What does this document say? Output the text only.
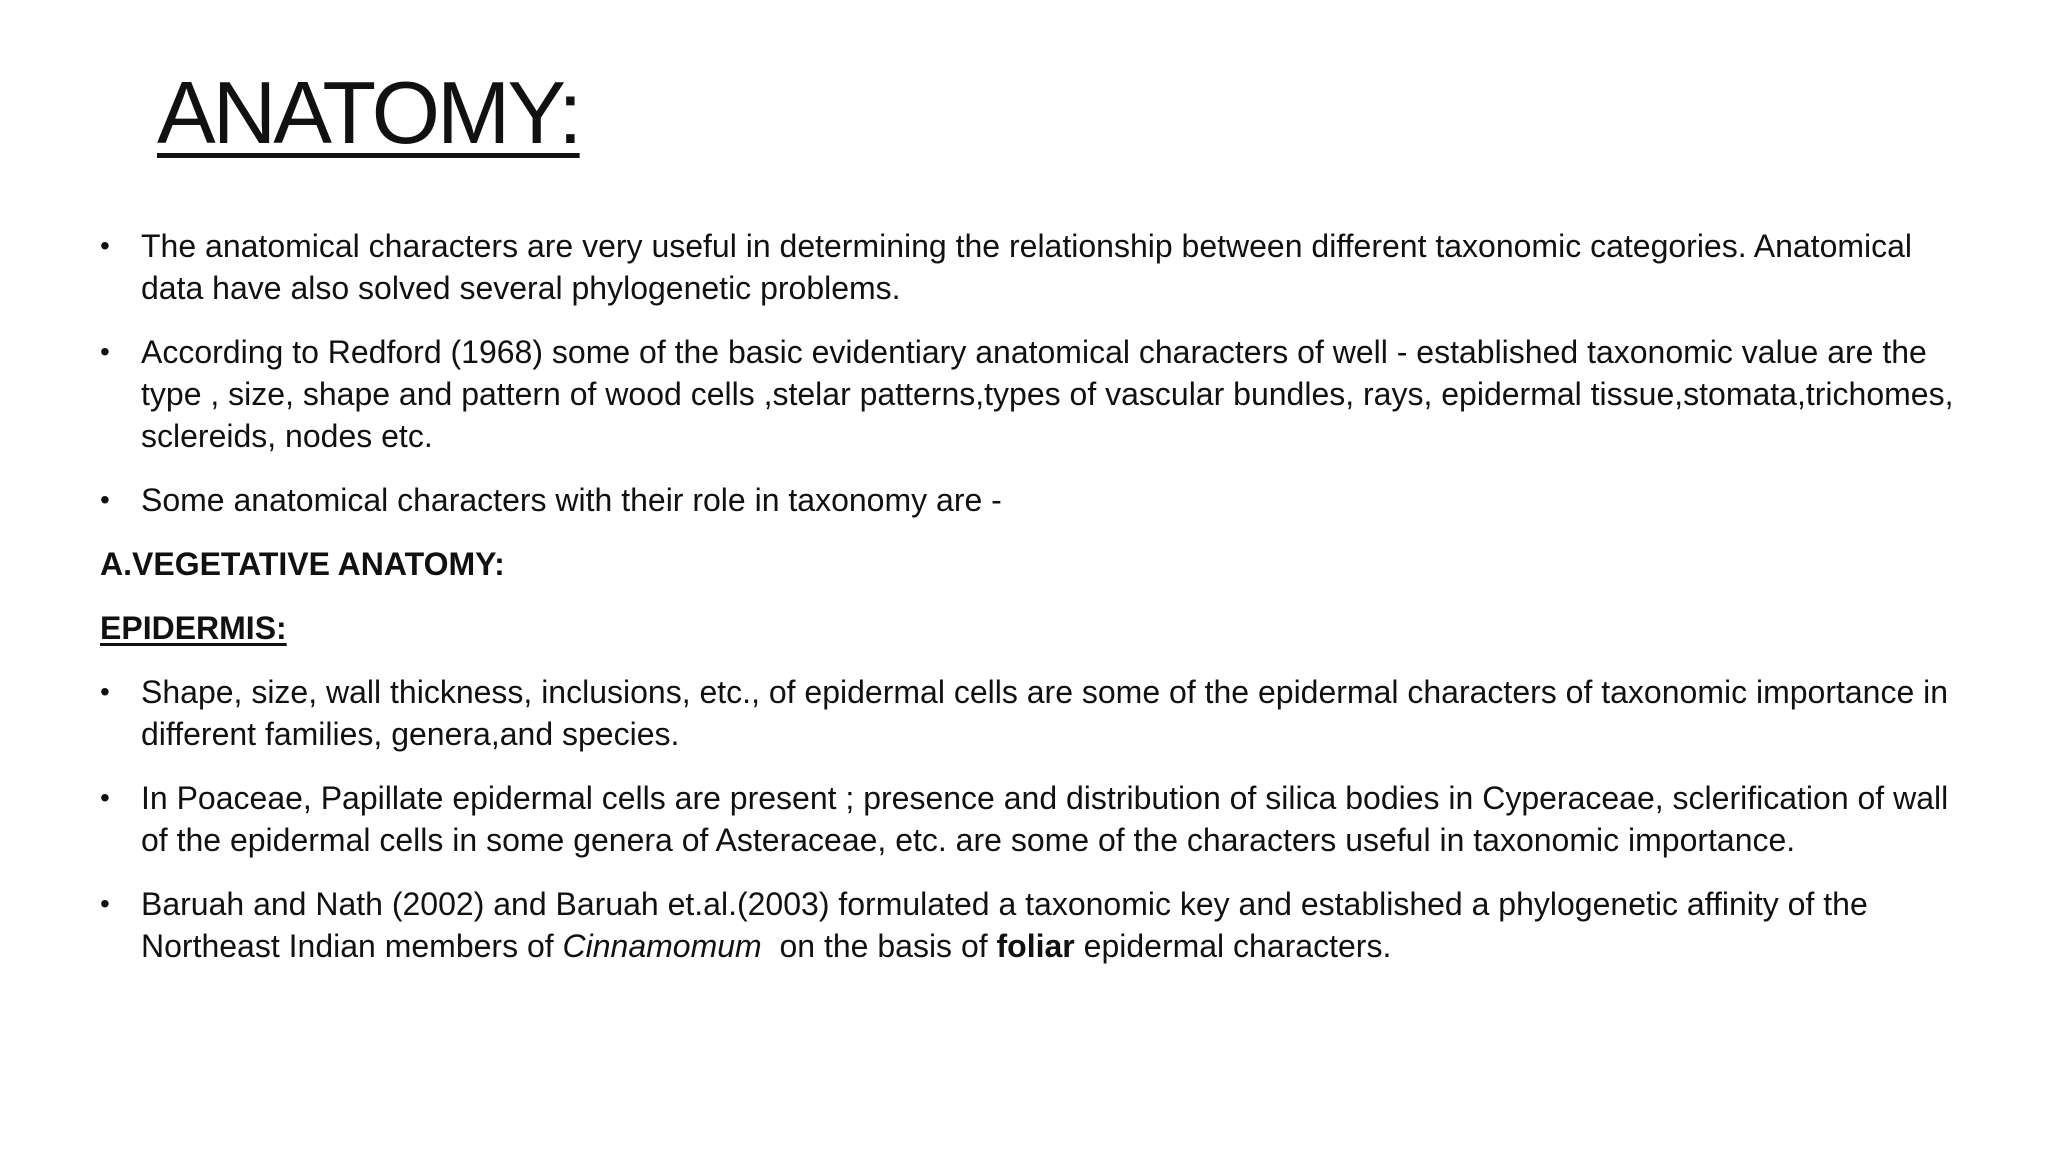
ANATOMY:
• The anatomical characters are very useful in determining the relationship between different taxonomic categories. Anatomical data have also solved several phylogenetic problems.
• According to Redford (1968) some of the basic evidentiary anatomical characters of well - established taxonomic value are the type , size, shape and pattern of wood cells ,stelar patterns,types of vascular bundles, rays, epidermal tissue,stomata,trichomes, sclereids, nodes etc.
• Some anatomical characters with their role in taxonomy are -
A.VEGETATIVE ANATOMY:
EPIDERMIS:
• Shape, size, wall thickness, inclusions, etc., of epidermal cells are some of the epidermal characters of taxonomic importance in different families, genera,and species.
• In Poaceae, Papillate epidermal cells are present ; presence and distribution of silica bodies in Cyperaceae, sclerification of wall of the epidermal cells in some genera of Asteraceae, etc. are some of the characters useful in taxonomic importance.
• Baruah and Nath (2002) and Baruah et.al.(2003) formulated a taxonomic key and established a phylogenetic affinity of the Northeast Indian members of Cinnamomum  on the basis of foliar epidermal characters.
